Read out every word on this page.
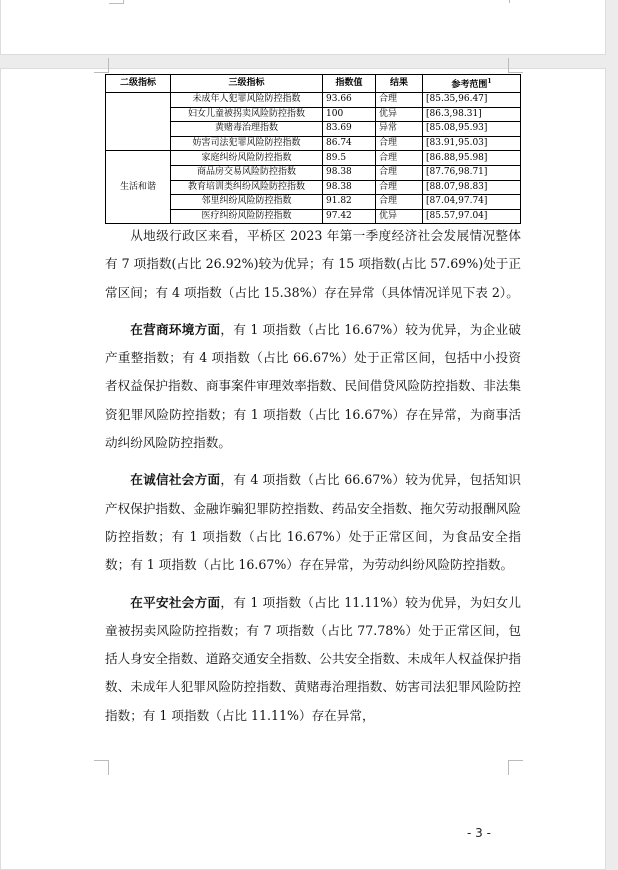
二级指标	三级指标	指数值	结果	参考范围$^1$
	未成年人犯罪风险防控指数	93.66	合理	[85.35,96.47]
	妇女儿童被拐卖风险防控指数	100	优异	[86.3,98.31]
	黄赌毒治理指数	83.69	异常	[85.08,95.93]
	妨害司法犯罪风险防控指数	86.74	合理	[83.91,95.03]
生活和谐	家庭纠纷风险防控指数	89.5	合理	[86.88,95.98]
	商品房交易风险防控指数	98.38	合理	[87.76,98.71]
	教育培训类纠纷风险防控指数	98.38	合理	[88.07,98.83]
	邻里纠纷风险防控指数	91.82	合理	[87.04,97.74]
	医疗纠纷风险防控指数	97.42	优异	[85.57,97.04]

从地级行政区来看，平桥区 2023 年第一季度经济社会发展情况整体有 7 项指数(占比 26.92%)较为优异；有 15 项指数(占比 57.69%)处于正常区间；有 4 项指数（占比 15.38%）存在异常（具体情况详见下表 2）。

在营商环境方面，有 1 项指数（占比 16.67%）较为优异，为企业破产重整指数；有 4 项指数（占比 66.67%）处于正常区间，包括中小投资者权益保护指数、商事案件审理效率指数、民间借贷风险防控指数、非法集资犯罪风险防控指数；有 1 项指数（占比 16.67%）存在异常，为商事活动纠纷风险防控指数。

在诚信社会方面，有 4 项指数（占比 66.67%）较为优异，包括知识产权保护指数、金融诈骗犯罪防控指数、药品安全指数、拖欠劳动报酬风险防控指数；有 1 项指数（占比 16.67%）处于正常区间，为食品安全指数；有 1 项指数（占比 16.67%）存在异常，为劳动纠纷风险防控指数。

在平安社会方面，有 1 项指数（占比 11.11%）较为优异，为妇女儿童被拐卖风险防控指数；有 7 项指数（占比 77.78%）处于正常区间，包括人身安全指数、道路交通安全指数、公共安全指数、未成年人权益保护指数、未成年人犯罪风险防控指数、黄赌毒治理指数、妨害司法犯罪风险防控指数；有 1 项指数（占比 11.11%）存在异常，

- 3 -
